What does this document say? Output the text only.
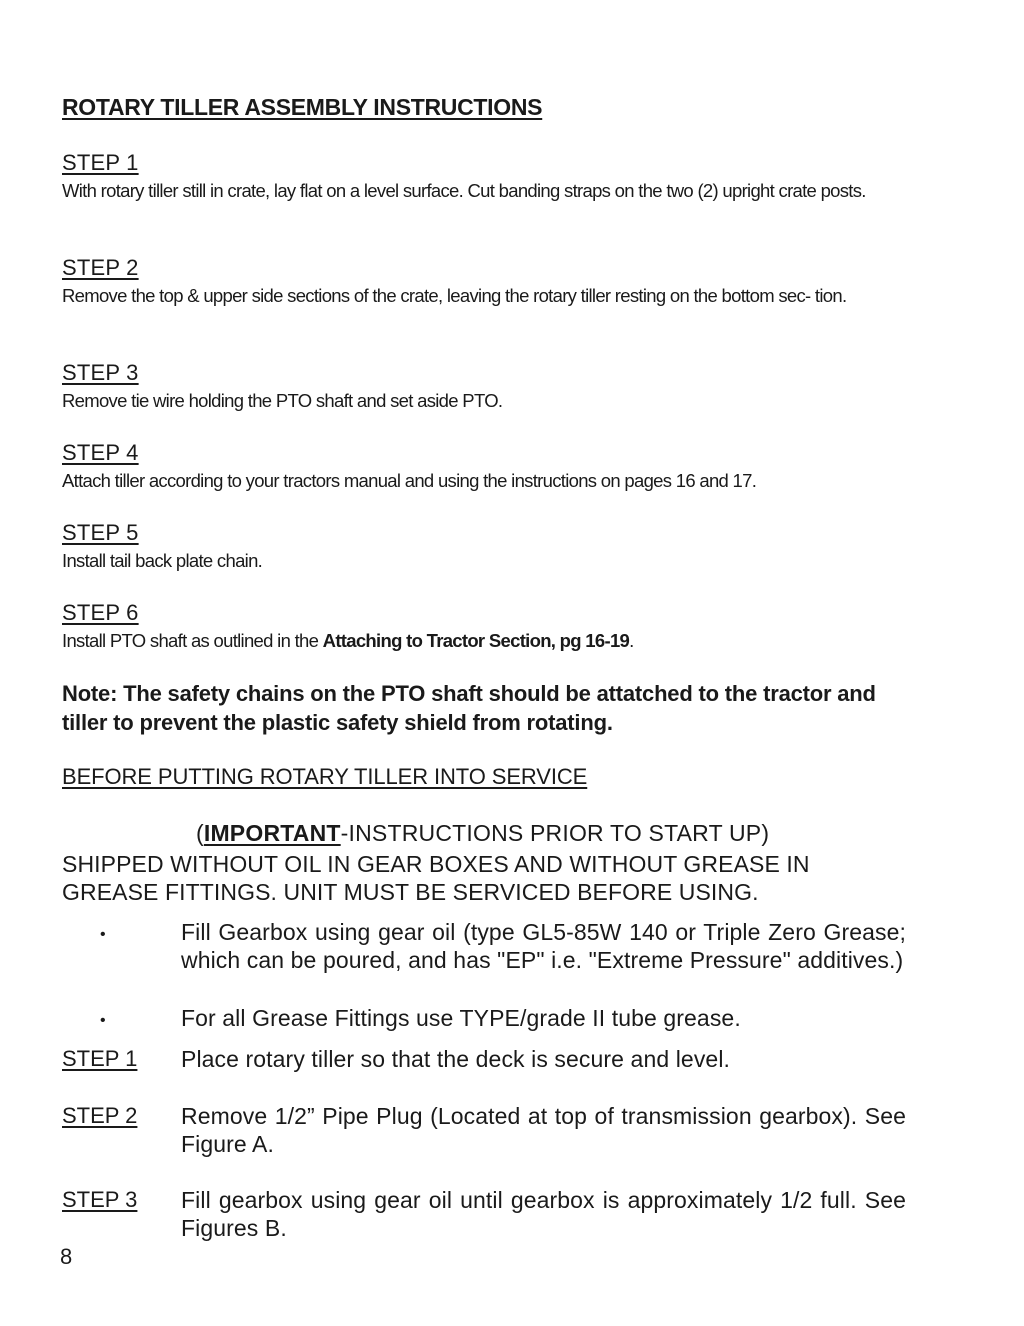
ROTARY TILLER ASSEMBLY INSTRUCTIONS
STEP 1

With rotary tiller still in crate, lay flat on a level surface. Cut banding straps on the two (2) upright crate posts.

STEP 2

Remove the top & upper side sections of the crate, leaving the rotary tiller resting on the bottom sec- tion.

STEP 3

Remove tie wire holding the PTO shaft and set aside PTO.

STEP 4

Attach tiller according to your tractors manual and using the instructions on pages 16 and 17.

STEP 5

Install tail back plate chain.

STEP 6

Install PTO shaft as outlined in the Attaching to Tractor Section, pg 16-19.

Note: The safety chains on the PTO shaft should be attatched to the tractor and tiller to prevent the plastic safety shield from rotating.

BEFORE PUTTING ROTARY TILLER INTO SERVICE
(IMPORTANT-INSTRUCTIONS PRIOR TO START UP)

SHIPPED WITHOUT OIL IN GEAR BOXES AND WITHOUT GREASE IN GREASE FITTINGS. UNIT MUST BE SERVICED BEFORE USING.

•	Fill Gearbox using gear oil (type GL5-85W 140 or Triple Zero Grease; which can be poured, and has "EP" i.e. "Extreme Pressure" additives.)

•	For all Grease Fittings use TYPE/grade II tube grease.

STEP 1 Place rotary tiller so that the deck is secure and level.

STEP 2 Remove 1/2” Pipe Plug (Located at top of transmission gearbox). See Figure A.

STEP 3 Fill gearbox using gear oil until gearbox is approximately 1/2 full. See Figures B.

8
